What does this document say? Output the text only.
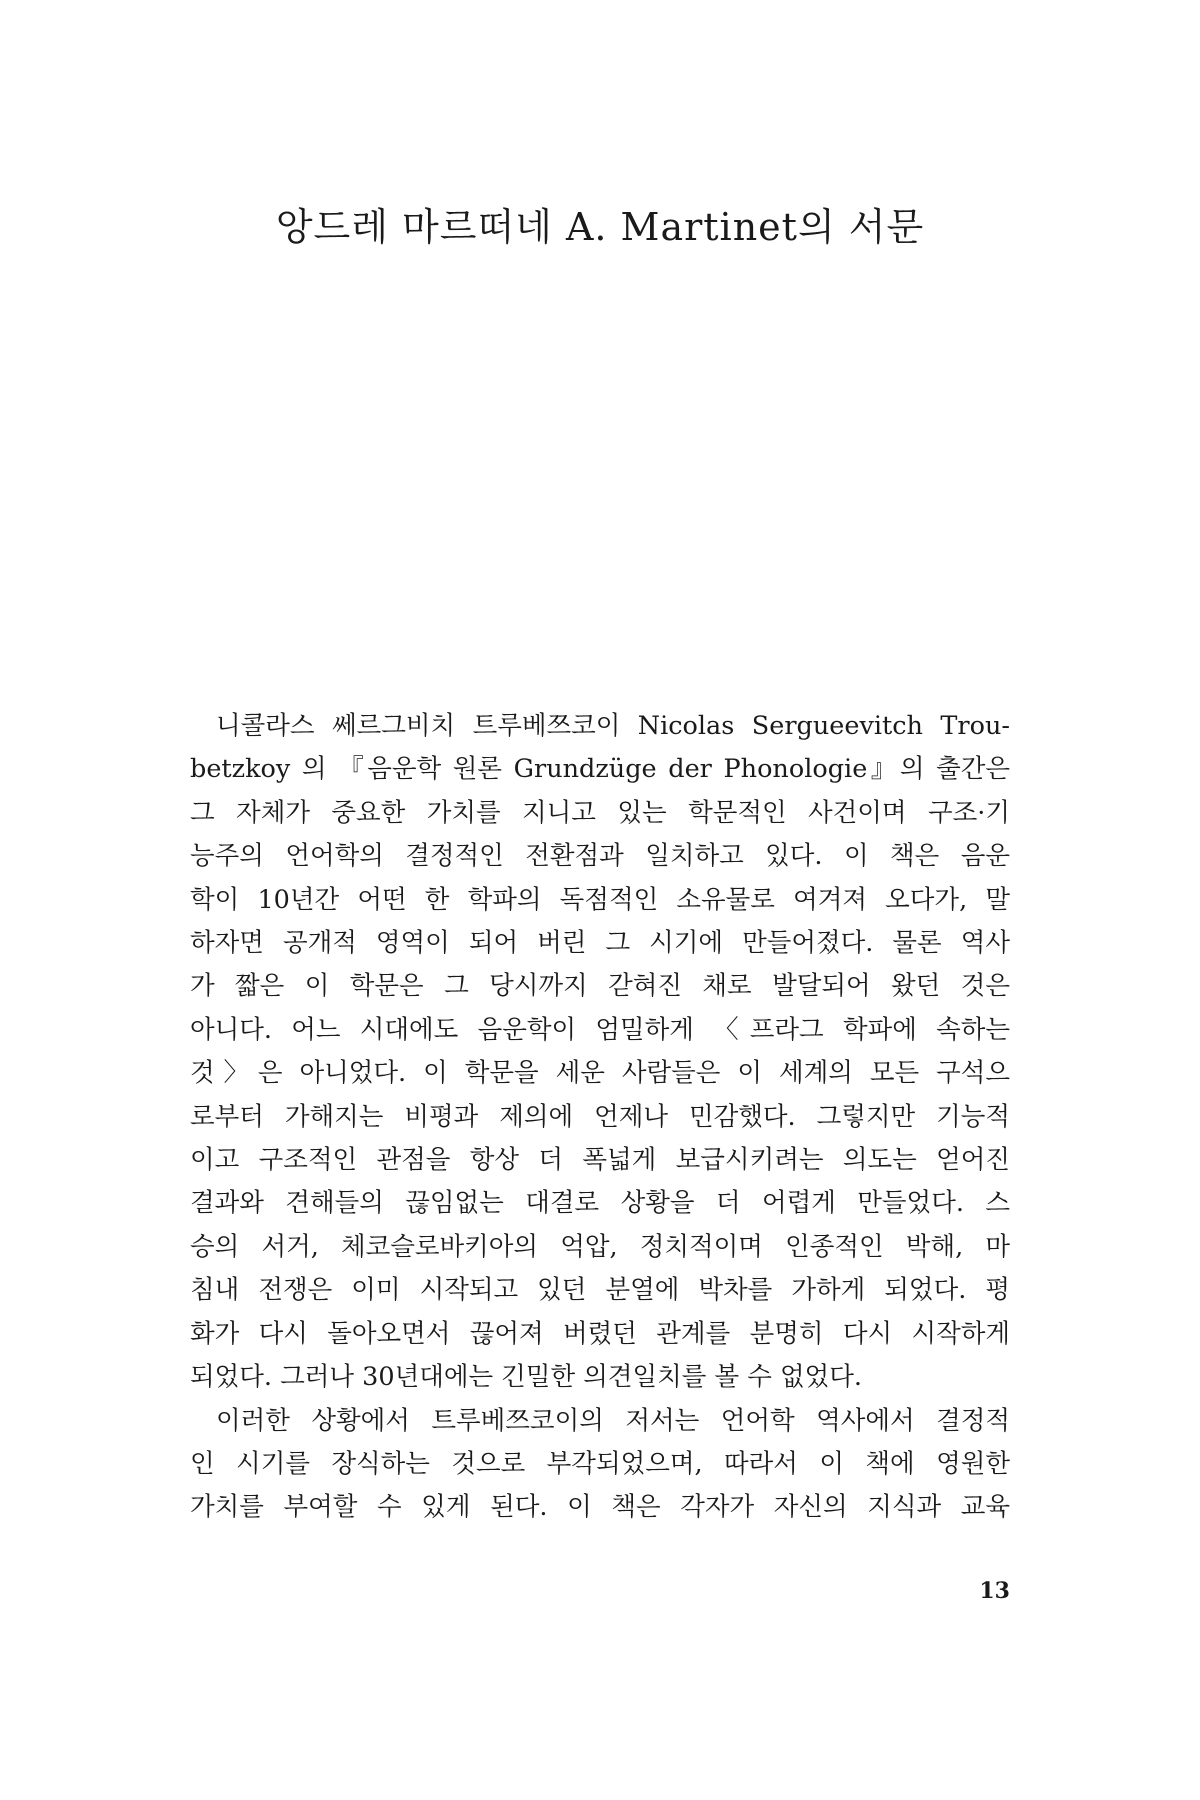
앙드레 마르떠네 A. Martinet의 서문
니콜라스 쎄르그비치 트루베쯔코이 Nicolas Sergueevitch Trou-
betzkoy 의 『음운학 원론 Grundzüge der Phonologie』의 출간은
그 자체가 중요한 가치를 지니고 있는 학문적인 사건이며 구조·기
능주의 언어학의 결정적인 전환점과 일치하고 있다. 이 책은 음운
학이 10년간 어떤 한 학파의 독점적인 소유물로 여겨져 오다가, 말
하자면 공개적 영역이 되어 버린 그 시기에 만들어졌다. 물론 역사
가 짧은 이 학문은 그 당시까지 갇혀진 채로 발달되어 왔던 것은
아니다. 어느 시대에도 음운학이 엄밀하게 〈프라그 학파에 속하는
것〉은 아니었다. 이 학문을 세운 사람들은 이 세계의 모든 구석으
로부터 가해지는 비평과 제의에 언제나 민감했다. 그렇지만 기능적
이고 구조적인 관점을 항상 더 폭넓게 보급시키려는 의도는 얻어진
결과와 견해들의 끊임없는 대결로 상황을 더 어렵게 만들었다. 스
승의 서거, 체코슬로바키아의 억압, 정치적이며 인종적인 박해, 마
침내 전쟁은 이미 시작되고 있던 분열에 박차를 가하게 되었다. 평
화가 다시 돌아오면서 끊어져 버렸던 관계를 분명히 다시 시작하게
되었다. 그러나 30년대에는 긴밀한 의견일치를 볼 수 없었다.
이러한 상황에서 트루베쯔코이의 저서는 언어학 역사에서 결정적
인 시기를 장식하는 것으로 부각되었으며, 따라서 이 책에 영원한
가치를 부여할 수 있게 된다. 이 책은 각자가 자신의 지식과 교육
13
